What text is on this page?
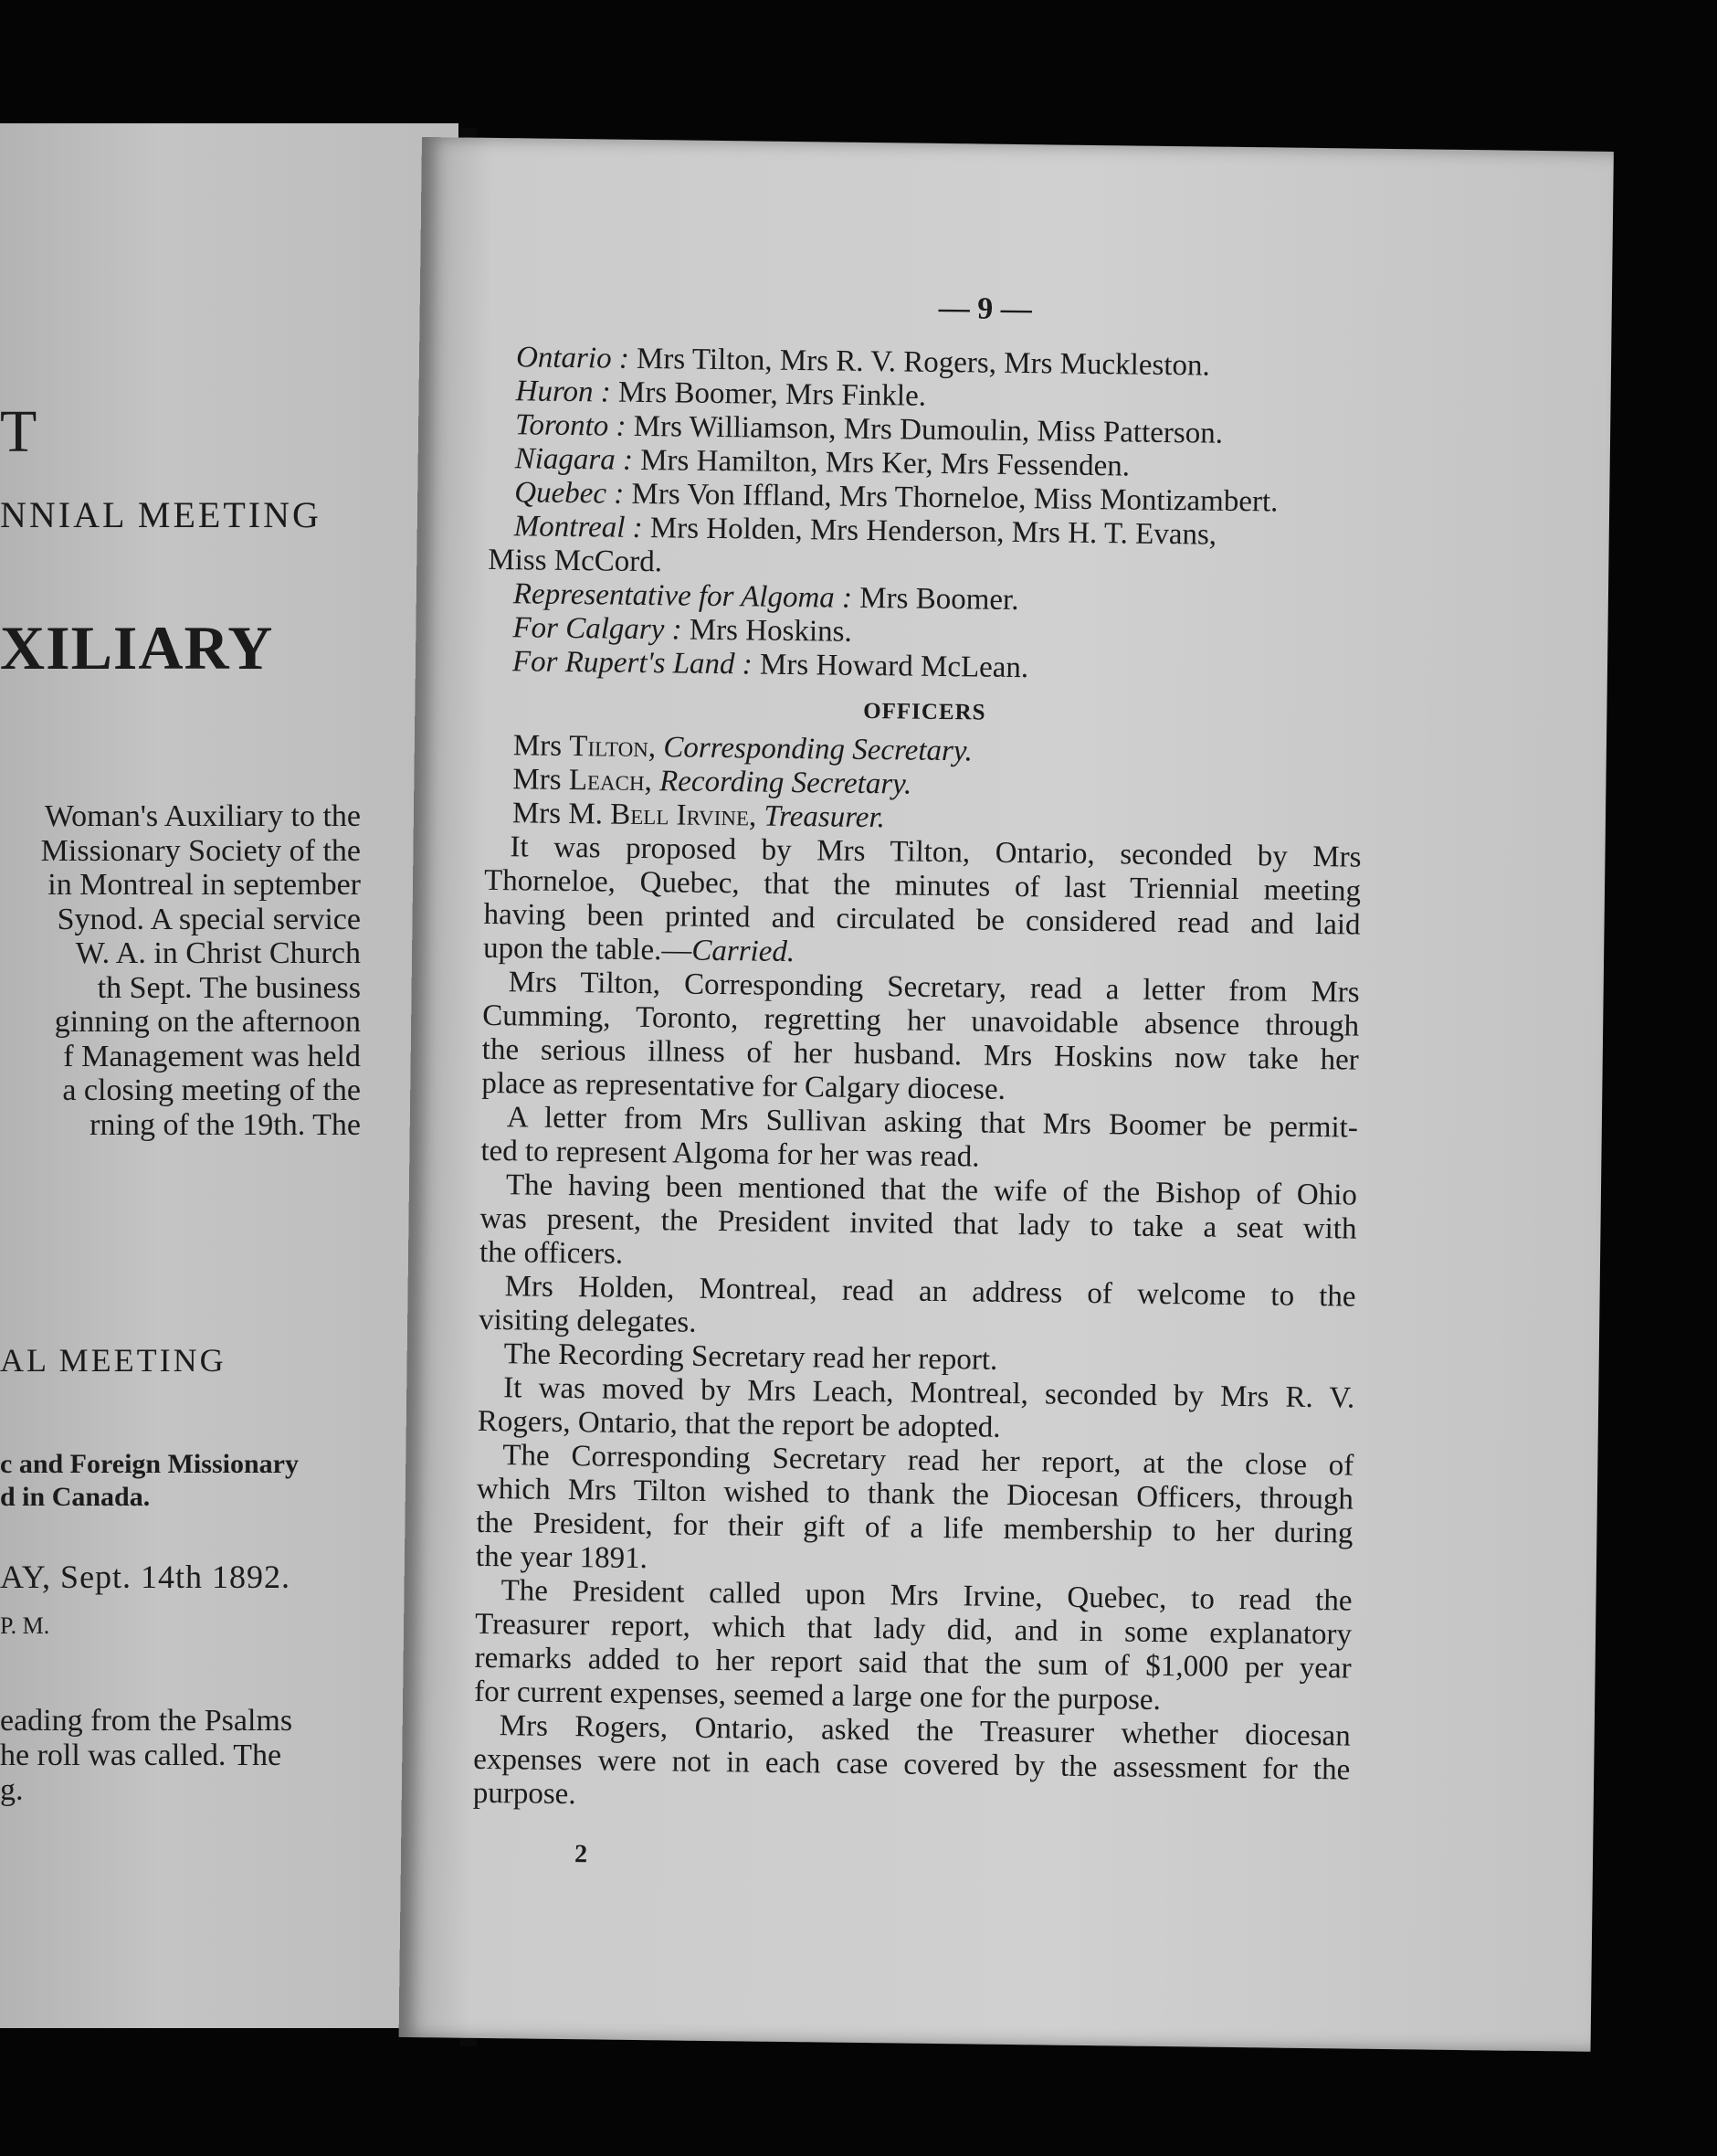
T
NNIAL MEETING
XILIARY
Woman's Auxiliary to the
Missionary Society of the
in Montreal in september
Synod. A special service
W. A. in Christ Church
th Sept. The business
ginning on the afternoon
f Management was held
a closing meeting of the
rning of the 19th. The
AL MEETING
c and Foreign Missionary
d in Canada.
AY, Sept. 14th 1892.
P. M.
eading from the Psalms
he roll was called. The
g.
— 9 —
Ontario : Mrs Tilton, Mrs R. V. Rogers, Mrs Muckleston.
Huron : Mrs Boomer, Mrs Finkle.
Toronto : Mrs Williamson, Mrs Dumoulin, Miss Patterson.
Niagara : Mrs Hamilton, Mrs Ker, Mrs Fessenden.
Quebec : Mrs Von Iffland, Mrs Thorneloe, Miss Montizambert.
Montreal : Mrs Holden, Mrs Henderson, Mrs H. T. Evans,
Miss McCord.
Representative for Algoma : Mrs Boomer.
For Calgary : Mrs Hoskins.
For Rupert's Land : Mrs Howard McLean.
OFFICERS
Mrs Tilton, Corresponding Secretary.
Mrs Leach, Recording Secretary.
Mrs M. Bell Irvine, Treasurer.
It was proposed by Mrs Tilton, Ontario, seconded by Mrs
Thorneloe, Quebec, that the minutes of last Triennial meeting
having been printed and circulated be considered read and laid
upon the table.—Carried.
Mrs Tilton, Corresponding Secretary, read a letter from Mrs
Cumming, Toronto, regretting her unavoidable absence through
the serious illness of her husband. Mrs Hoskins now take her
place as representative for Calgary diocese.
A letter from Mrs Sullivan asking that Mrs Boomer be permit-
ted to represent Algoma for her was read.
The having been mentioned that the wife of the Bishop of Ohio
was present, the President invited that lady to take a seat with
the officers.
Mrs Holden, Montreal, read an address of welcome to the
visiting delegates.
The Recording Secretary read her report.
It was moved by Mrs Leach, Montreal, seconded by Mrs R. V.
Rogers, Ontario, that the report be adopted.
The Corresponding Secretary read her report, at the close of
which Mrs Tilton wished to thank the Diocesan Officers, through
the President, for their gift of a life membership to her during
the year 1891.
The President called upon Mrs Irvine, Quebec, to read the
Treasurer report, which that lady did, and in some explanatory
remarks added to her report said that the sum of $1,000 per year
for current expenses, seemed a large one for the purpose.
Mrs Rogers, Ontario, asked the Treasurer whether diocesan
expenses were not in each case covered by the assessment for the
purpose.
2
